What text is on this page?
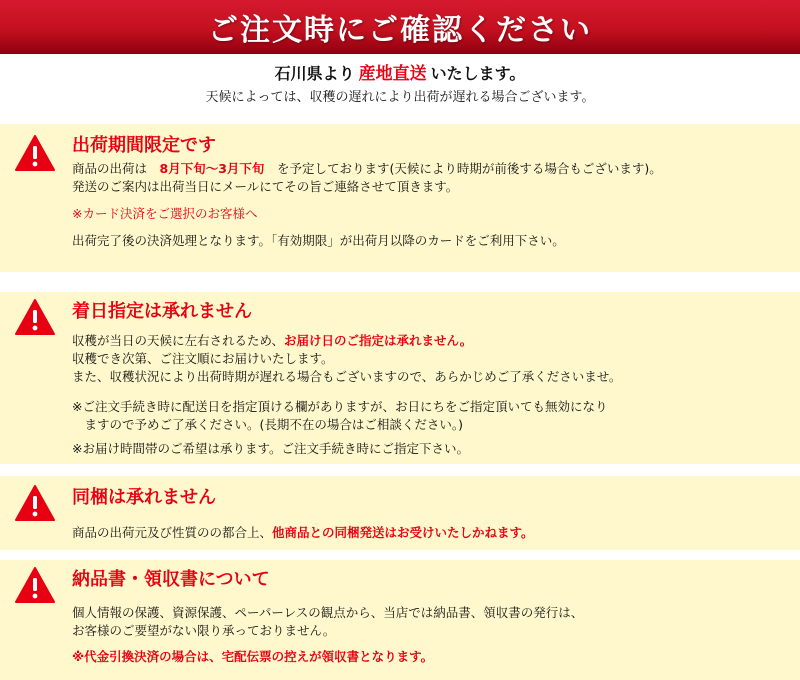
ご注文時にご確認ください
石川県より 産地直送 いたします。
天候によっては、収穫の遅れにより出荷が遅れる場合ございます。
出荷期間限定です

商品の出荷は　 8月下旬〜3月下旬　 を予定しております(天候により時期が前後する場合もございます)。

発送のご案内は出荷当日にメールにてその旨ご連絡させて頂きます。

※カード決済をご選択のお客様へ

出荷完了後の決済処理となります。「有効期限」が出荷月以降のカードをご利用下さい。

着日指定は承れません

収穫が当日の天候に左右されるため、お届け日のご指定は承れません。

収穫でき次第、ご注文順にお届けいたします。

また、収穫状況により出荷時期が遅れる場合もございますので、あらかじめご了承くださいませ。

※ご注文手続き時に配送日を指定頂ける欄がありますが、お日にちをご指定頂いても無効になり

　ますので予めご了承ください。(長期不在の場合はご相談ください。)

※お届け時間帯のご希望は承ります。ご注文手続き時にご指定下さい。

同梱は承れません

商品の出荷元及び性質のの都合上、他商品との同梱発送はお受けいたしかねます。

納品書・領収書について

個人情報の保護、資源保護、ペーパーレスの観点から、当店では納品書、領収書の発行は、

お客様のご要望がない限り承っておりません。

※代金引換決済の場合は、宅配伝票の控えが領収書となります。
